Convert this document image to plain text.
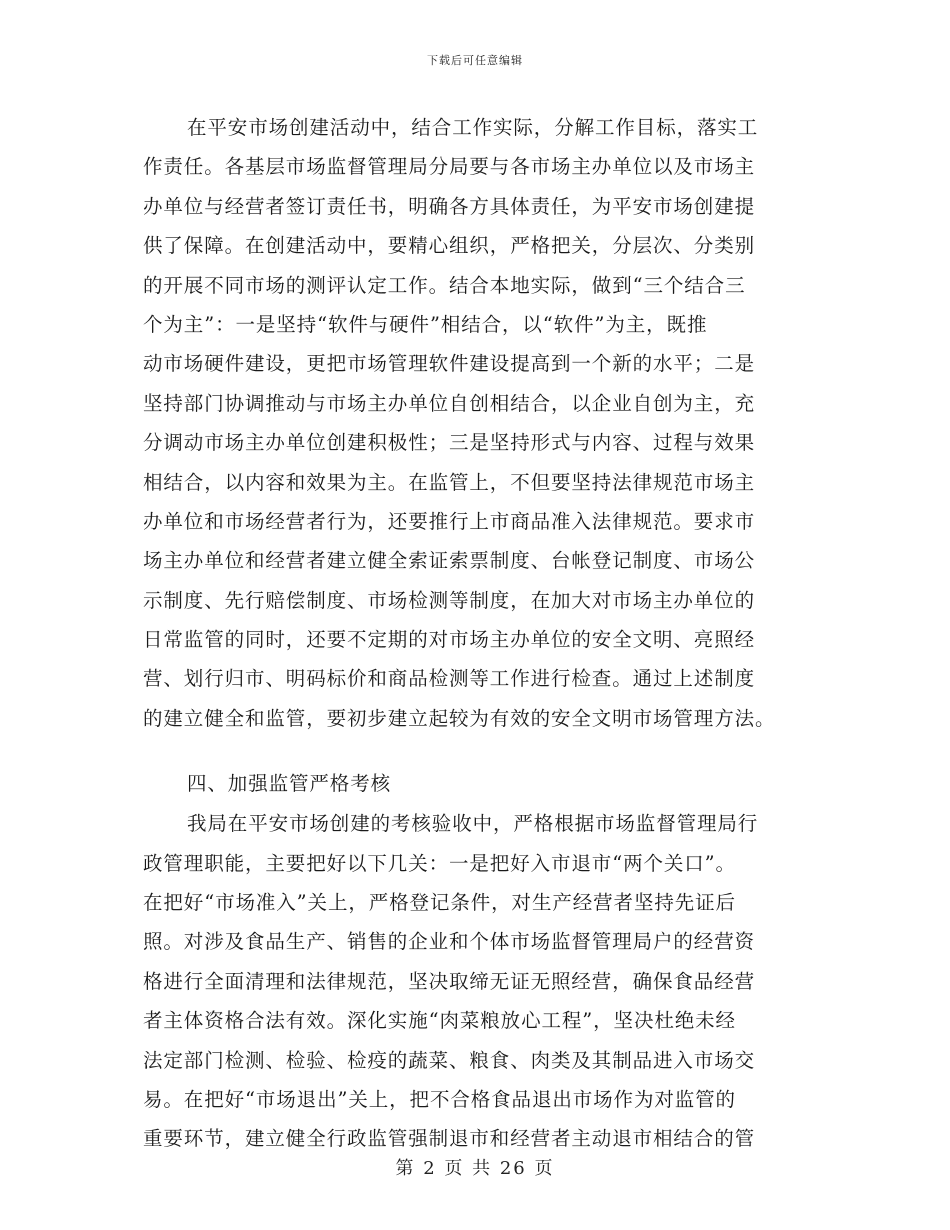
下载后可任意编辑
在平安市场创建活动中，结合工作实际，分解工作目标，落实工
作责任。各基层市场监督管理局分局要与各市场主办单位以及市场主
办单位与经营者签订责任书，明确各方具体责任，为平安市场创建提
供了保障。在创建活动中，要精心组织，严格把关，分层次、分类别
的开展不同市场的测评认定工作。结合本地实际，做到“三个结合三
个为主”：一是坚持“软件与硬件”相结合，以“软件”为主，既推
动市场硬件建设，更把市场管理软件建设提高到一个新的水平；二是
坚持部门协调推动与市场主办单位自创相结合，以企业自创为主，充
分调动市场主办单位创建积极性；三是坚持形式与内容、过程与效果
相结合，以内容和效果为主。在监管上，不但要坚持法律规范市场主
办单位和市场经营者行为，还要推行上市商品准入法律规范。要求市
场主办单位和经营者建立健全索证索票制度、台帐登记制度、市场公
示制度、先行赔偿制度、市场检测等制度，在加大对市场主办单位的
日常监管的同时，还要不定期的对市场主办单位的安全文明、亮照经
营、划行归市、明码标价和商品检测等工作进行检查。通过上述制度
的建立健全和监管，要初步建立起较为有效的安全文明市场管理方法。
四、加强监管严格考核
我局在平安市场创建的考核验收中，严格根据市场监督管理局行
政管理职能，主要把好以下几关：一是把好入市退市“两个关口”。
在把好“市场准入”关上，严格登记条件，对生产经营者坚持先证后
照。对涉及食品生产、销售的企业和个体市场监督管理局户的经营资
格进行全面清理和法律规范，坚决取缔无证无照经营，确保食品经营
者主体资格合法有效。深化实施“肉菜粮放心工程”，坚决杜绝未经
法定部门检测、检验、检疫的蔬菜、粮食、肉类及其制品进入市场交
易。在把好“市场退出”关上，把不合格食品退出市场作为对监管的
重要环节，建立健全行政监管强制退市和经营者主动退市相结合的管
第 2 页 共 26 页
